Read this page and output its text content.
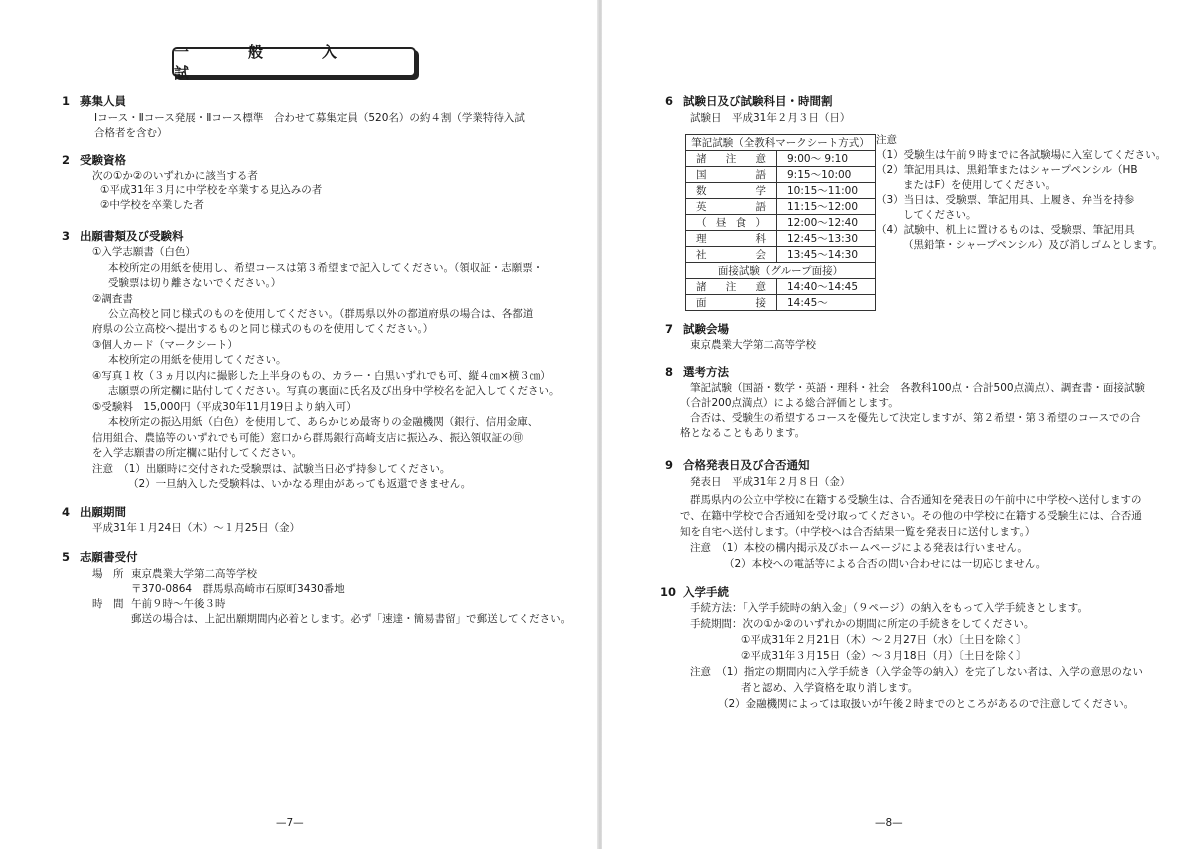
一　般　入　試
1 募集人員
Ⅰコース・Ⅱコース発展・Ⅱコース標準　合わせて募集定員（520名）の約４割（学業特待入試
合格者を含む）
2 受験資格
次の①か②のいずれかに該当する者
①平成31年３月に中学校を卒業する見込みの者
②中学校を卒業した者
3 出願書類及び受験料
①入学志願書（白色）
本校所定の用紙を使用し、希望コースは第３希望まで記入してください。（領収証・志願票・
受験票は切り離さないでください。）
②調査書
公立高校と同じ様式のものを使用してください。（群馬県以外の都道府県の場合は、各都道
府県の公立高校へ提出するものと同じ様式のものを使用してください。）
③個人カード（マークシート）
本校所定の用紙を使用してください。
④写真１枚（３ヵ月以内に撮影した上半身のもの、カラー・白黒いずれでも可、縦４㎝×横３㎝）
志願票の所定欄に貼付してください。写真の裏面に氏名及び出身中学校名を記入してください。
⑤受験料　15,000円（平成30年11月19日より納入可）
本校所定の振込用紙（白色）を使用して、あらかじめ最寄りの金融機関（銀行、信用金庫、
信用組合、農協等のいずれでも可能）窓口から群馬銀行高崎支店に振込み、振込領収証の㊞
を入学志願書の所定欄に貼付してください。
注意　（1）出願時に交付された受験票は、試験当日必ず持参してください。
（2）一旦納入した受験料は、いかなる理由があっても返還できません。
4 出願期間
平成31年１月24日（木）～１月25日（金）
5 志願書受付
場　所 東京農業大学第二高等学校
〒370-0864　群馬県高崎市石原町3430番地
時　間 午前９時～午後３時
郵送の場合は、上記出願期間内必着とします。必ず「速達・簡易書留」で郵送してください。
—7—
6 試験日及び試験科目・時間割
試験日　平成31年２月３日（日）
筆記試験（全教科マークシート方式）	
諸注意	9:00～ 9:10
国語	9:15～10:00
数学	10:15～11:00
英語	11:15～12:00
（昼食）	12:00～12:40
理科	12:45～13:30
社会	13:45～14:30
面接試験（グループ面接）	
諸注意	14:40～14:45
面接	14:45～
注意
（1）受験生は午前９時までに各試験場に入室してください。
（2）筆記用具は、黒鉛筆またはシャープペンシル（HB
またはF）を使用してください。
（3）当日は、受験票、筆記用具、上履き、弁当を持参
してください。
（4）試験中、机上に置けるものは、受験票、筆記用具
（黒鉛筆・シャープペンシル）及び消しゴムとします。
7 試験会場
東京農業大学第二高等学校
8 選考方法
筆記試験（国語・数学・英語・理科・社会　各教科100点・合計500点満点）、調査書・面接試験
（合計200点満点）による総合評価とします。
合否は、受験生の希望するコースを優先して決定しますが、第２希望・第３希望のコースでの合
格となることもあります。
9 合格発表日及び合否通知
発表日　平成31年２月８日（金）
群馬県内の公立中学校に在籍する受験生は、合否通知を発表日の午前中に中学校へ送付しますの
で、在籍中学校で合否通知を受け取ってください。その他の中学校に在籍する受験生には、合否通
知を自宅へ送付します。（中学校へは合否結果一覧を発表日に送付します。）
注意　（1）本校の構内掲示及びホームページによる発表は行いません。
（2）本校への電話等による合否の問い合わせには一切応じません。
10 入学手続
手続方法：「入学手続時の納入金」（９ページ）の納入をもって入学手続きとします。
手続期間：次の①か②のいずれかの期間に所定の手続きをしてください。
①平成31年２月21日（木）～２月27日（水）〔土日を除く〕
②平成31年３月15日（金）～３月18日（月）〔土日を除く〕
注意　（1）指定の期間内に入学手続き（入学金等の納入）を完了しない者は、入学の意思のない
者と認め、入学資格を取り消します。
（2）金融機関によっては取扱いが午後２時までのところがあるので注意してください。
—8—
